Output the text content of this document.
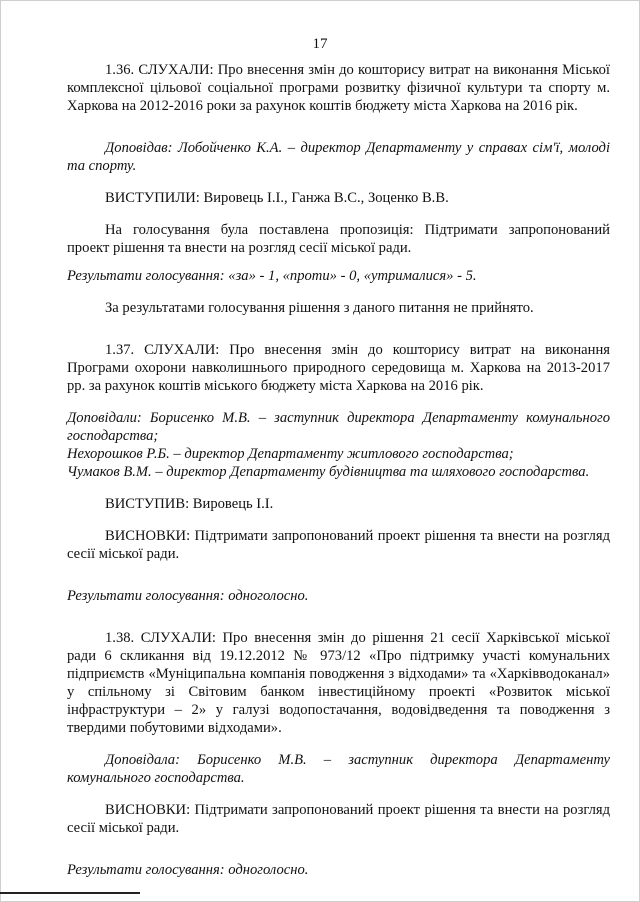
17

1.36. СЛУХАЛИ: Про внесення змін до кошторису витрат на виконання Міської комплексної цільової соціальної програми розвитку фізичної культури та спорту м. Харкова на 2012-2016 роки за рахунок коштів бюджету міста Харкова на 2016 рік.

Доповідав: Лобойченко К.А. – директор Департаменту у справах сім'ї, молоді та спорту.

ВИСТУПИЛИ: Вировець І.І., Ганжа В.С., Зоценко В.В.

На голосування була поставлена пропозиція: Підтримати запропонований проект рішення та внести на розгляд сесії міської ради.

Результати голосування: «за» - 1, «проти» - 0, «утрималися» - 5.

За результатами голосування рішення з даного питання не прийнято.

1.37. СЛУХАЛИ: Про внесення змін до кошторису витрат на виконання Програми охорони навколишнього природного середовища м. Харкова на 2013-2017 рр. за рахунок коштів міського бюджету міста Харкова на 2016 рік.

Доповідали: Борисенко М.В. – заступник директора Департаменту комунального господарства;

Нехорошков Р.Б. – директор Департаменту житлового господарства;

Чумаков В.М. – директор Департаменту будівництва та шляхового господарства.

ВИСТУПИВ: Вировець І.І.

ВИСНОВКИ: Підтримати запропонований проект рішення та внести на розгляд сесії міської ради.

Результати голосування: одноголосно.

1.38. СЛУХАЛИ: Про внесення змін до рішення 21 сесії Харківської міської ради 6 скликання від 19.12.2012 № 973/12 «Про підтримку участі комунальних підприємств «Муніципальна компанія поводження з відходами» та «Харківводоканал» у спільному зі Світовим банком інвестиційному проекті «Розвиток міської інфраструктури – 2» у галузі водопостачання, водовідведення та поводження з твердими побутовими відходами».

Доповідала: Борисенко М.В. – заступник директора Департаменту комунального господарства.

ВИСНОВКИ: Підтримати запропонований проект рішення та внести на розгляд сесії міської ради.

Результати голосування: одноголосно.
